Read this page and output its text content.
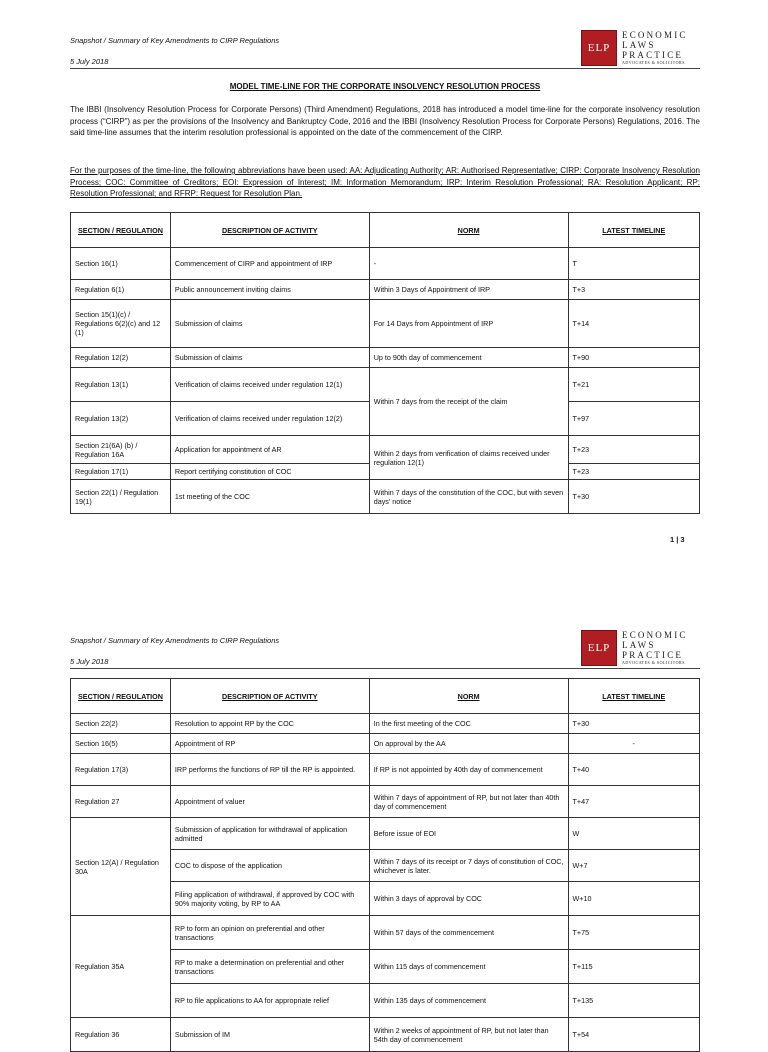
Snapshot / Summary of Key Amendments to CIRP Regulations
5 July 2018
ELP
ECONOMIC
LAWS
PRACTICE
ADVOCATES & SOLICITORS
MODEL TIME-LINE FOR THE CORPORATE INSOLVENCY RESOLUTION PROCESS
The IBBI (Insolvency Resolution Process for Corporate Persons) (Third Amendment) Regulations, 2018 has introduced a model time-line for the corporate insolvency resolution process (“CIRP”) as per the provisions of the Insolvency and Bankruptcy Code, 2016 and the IBBI (Insolvency Resolution Process for Corporate Persons) Regulations, 2016. The said time-line assumes that the interim resolution professional is appointed on the date of the commencement of the CIRP.
For the purposes of the time-line, the following abbreviations have been used: AA: Adjudicating Authority; AR: Authorised Representative; CIRP: Corporate Insolvency Resolution Process; COC: Committee of Creditors; EOI: Expression of Interest; IM: Information Memorandum; IRP: Interim Resolution Professional; RA: Resolution Applicant; RP: Resolution Professional; and RFRP: Request for Resolution Plan.
SECTION / REGULATION	DESCRIPTION OF ACTIVITY	NORM	LATEST TIMELINE
Section 16(1)	Commencement of CIRP and appointment of IRP	-	T
Regulation 6(1)	Public announcement inviting claims	Within 3 Days of Appointment of IRP	T+3
Section 15(1)(c) / Regulations 6(2)(c) and 12 (1)	Submission of claims	For 14 Days from Appointment of IRP	T+14
Regulation 12(2)	Submission of claims	Up to 90th day of commencement	T+90
Regulation 13(1)	Verification of claims received under regulation 12(1)	Within 7 days from the receipt of the claim	T+21
Regulation 13(2)	Verification of claims received under regulation 12(2)		T+97
Section 21(6A) (b) / Regulation 16A	Application for appointment of AR	Within 2 days from verification of claims received under regulation 12(1)	T+23
Regulation 17(1)	Report certifying constitution of COC		T+23
Section 22(1) / Regulation 19(1)	1st meeting of the COC	Within 7 days of the constitution of the COC, but with seven days’ notice	T+30
1 | 3
Snapshot / Summary of Key Amendments to CIRP Regulations
5 July 2018
ELP
ECONOMIC
LAWS
PRACTICE
ADVOCATES & SOLICITORS
SECTION / REGULATION	DESCRIPTION OF ACTIVITY	NORM	LATEST TIMELINE
Section 22(2)	Resolution to appoint RP by the COC	In the first meeting of the COC	T+30
Section 16(5)	Appointment of RP	On approval by the AA	-
Regulation 17(3)	IRP performs the functions of RP till the RP is appointed.	If RP is not appointed by 40th day of commencement	T+40
Regulation 27	Appointment of valuer	Within 7 days of appointment of RP, but not later than 40th day of commencement	T+47
Section 12(A) / Regulation 30A	Submission of application for withdrawal of application admitted	Before issue of EOI	W
	COC to dispose of the application	Within 7 days of its receipt or 7 days of constitution of COC, whichever is later.	W+7
	Filing application of withdrawal, if approved by COC with 90% majority voting, by RP to AA	Within 3 days of approval by COC	W+10
Regulation 35A	RP to form an opinion on preferential and other transactions	Within 57 days of the commencement	T+75
	RP to make a determination on preferential and other transactions	Within 115 days of commencement	T+115
	RP to file applications to AA for appropriate relief	Within 135 days of commencement	T+135
Regulation 36	Submission of IM	Within 2 weeks of appointment of RP, but not later than 54th day of commencement	T+54
